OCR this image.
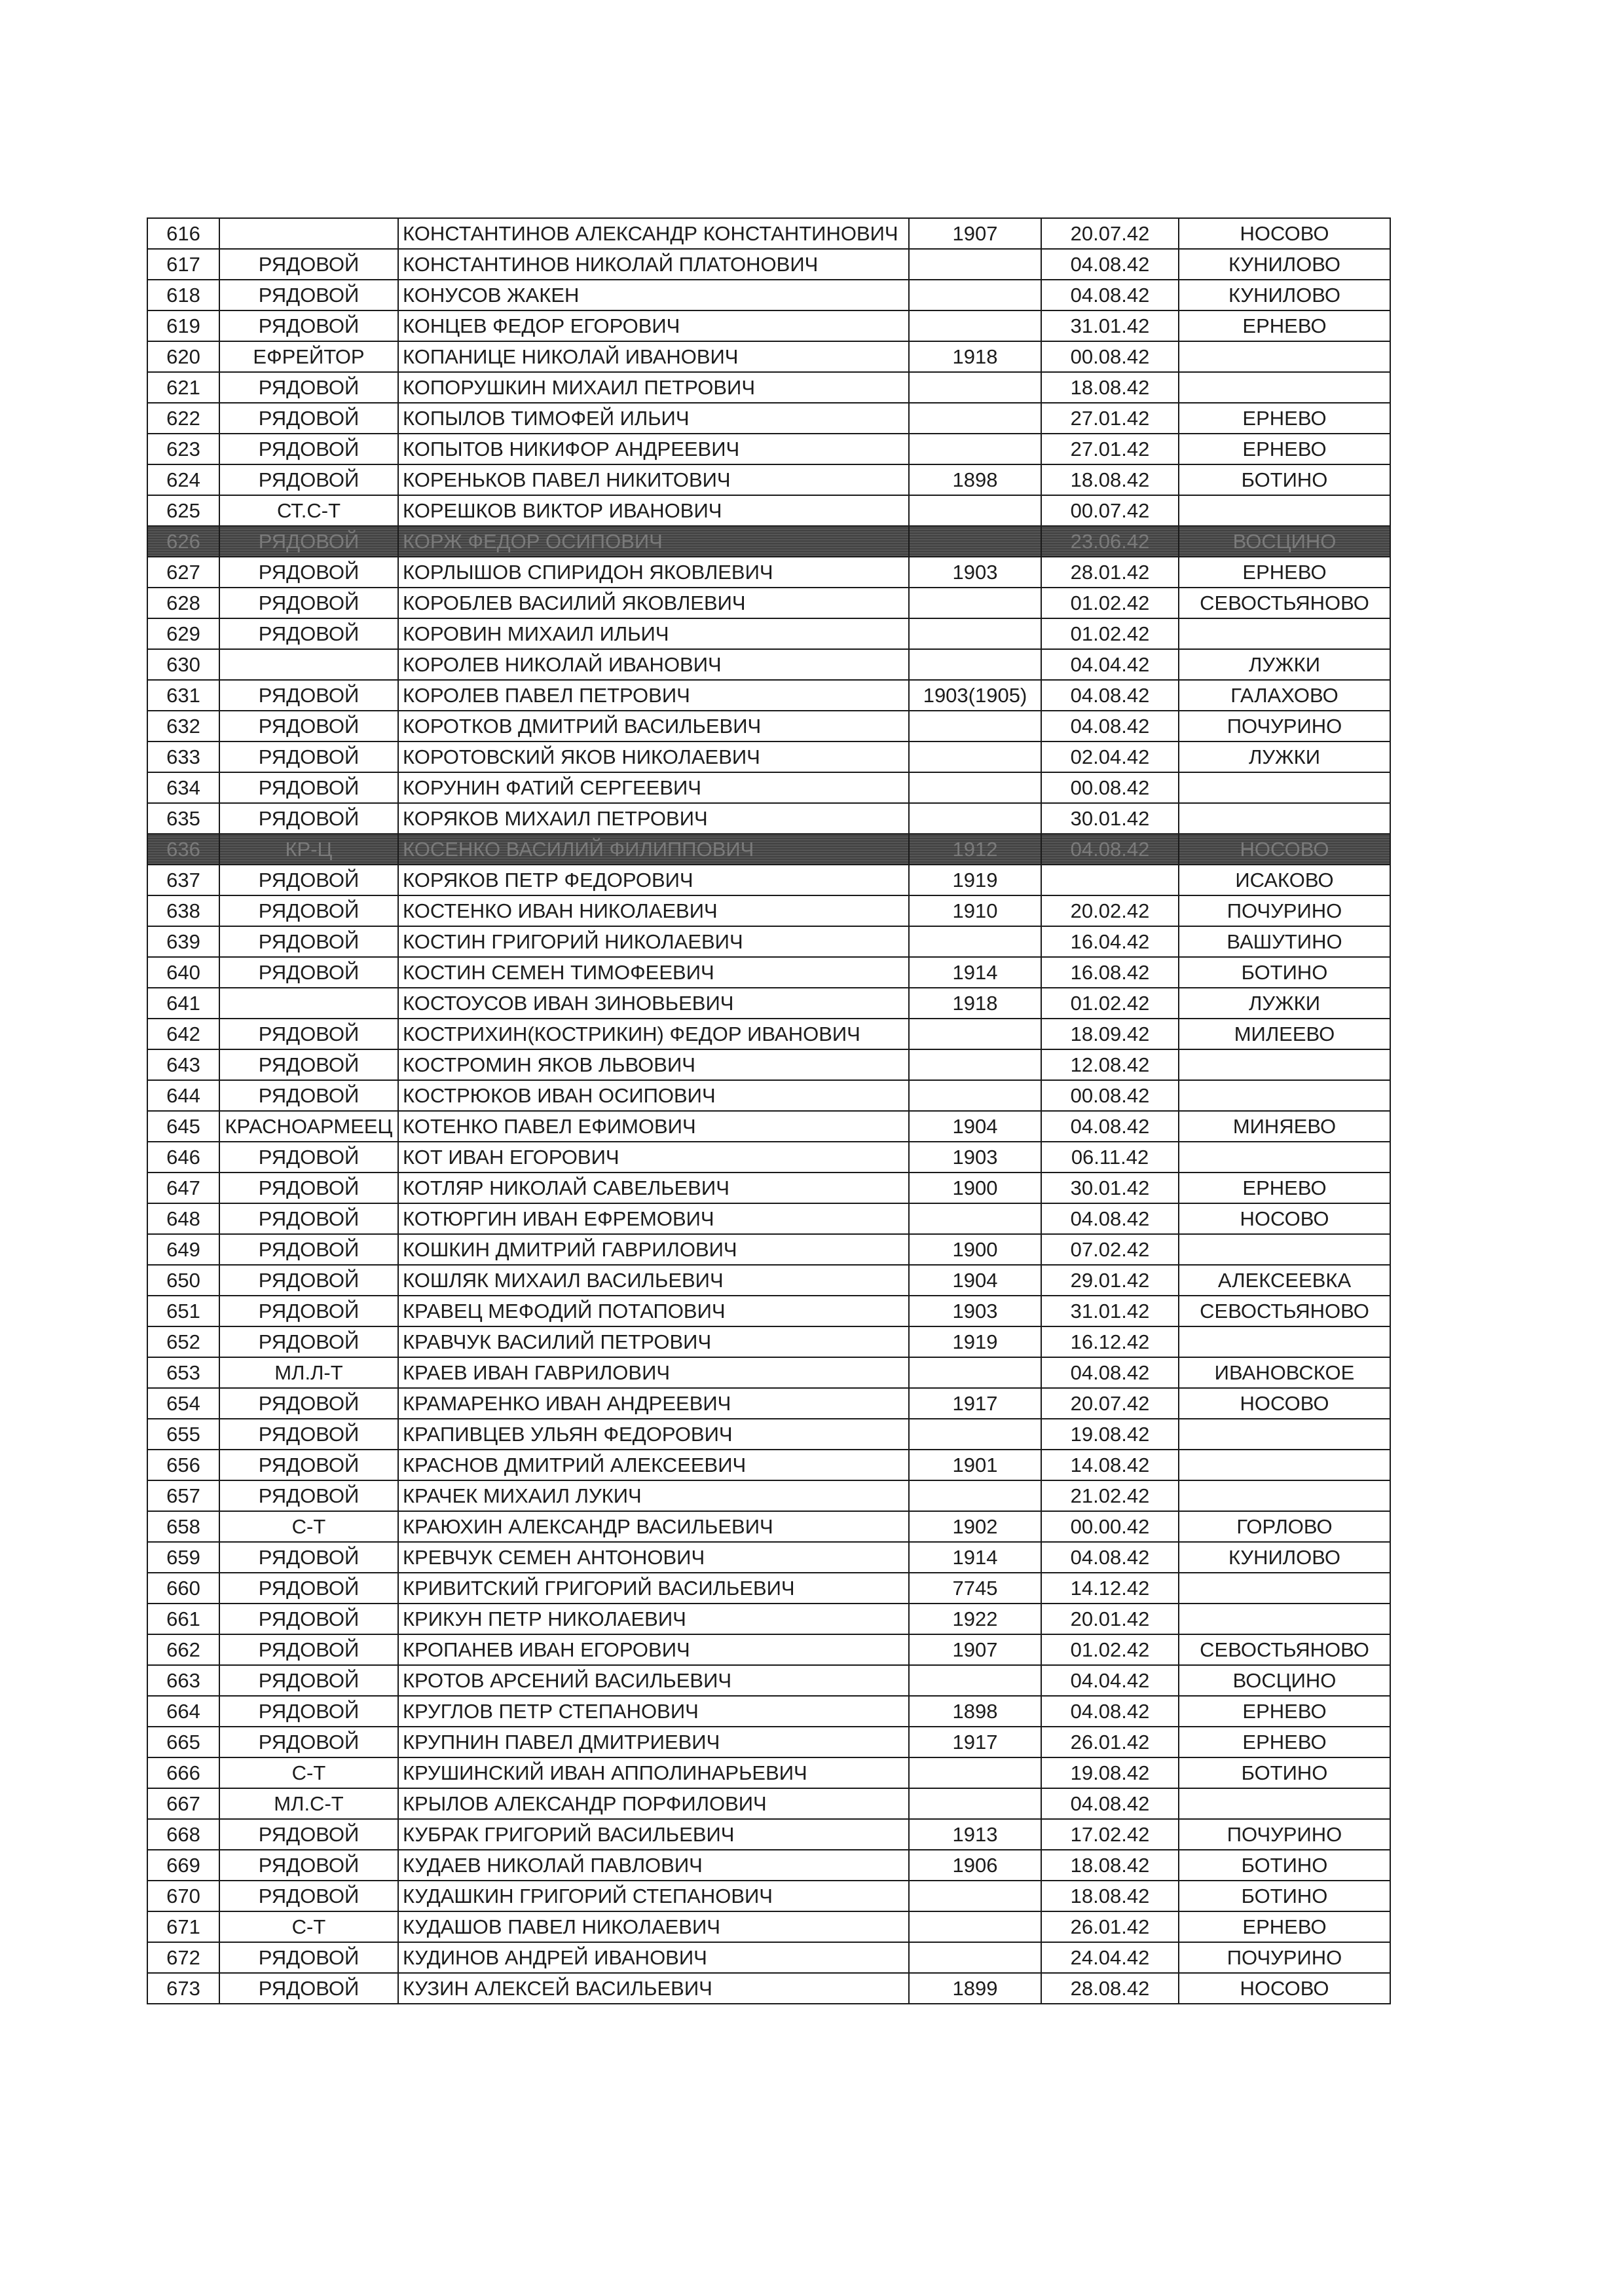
616		КОНСТАНТИНОВ АЛЕКСАНДР КОНСТАНТИНОВИЧ	1907	20.07.42	НОСОВО
617	РЯДОВОЙ	КОНСТАНТИНОВ НИКОЛАЙ ПЛАТОНОВИЧ		04.08.42	КУНИЛОВО
618	РЯДОВОЙ	КОНУСОВ ЖАКЕН		04.08.42	КУНИЛОВО
619	РЯДОВОЙ	КОНЦЕВ ФЕДОР ЕГОРОВИЧ		31.01.42	ЕРНЕВО
620	ЕФРЕЙТОР	КОПАНИЦЕ НИКОЛАЙ ИВАНОВИЧ	1918	00.08.42	
621	РЯДОВОЙ	КОПОРУШКИН МИХАИЛ ПЕТРОВИЧ		18.08.42	
622	РЯДОВОЙ	КОПЫЛОВ ТИМОФЕЙ ИЛЬИЧ		27.01.42	ЕРНЕВО
623	РЯДОВОЙ	КОПЫТОВ НИКИФОР АНДРЕЕВИЧ		27.01.42	ЕРНЕВО
624	РЯДОВОЙ	КОРЕНЬКОВ ПАВЕЛ НИКИТОВИЧ	1898	18.08.42	БОТИНО
625	СТ.С-Т	КОРЕШКОВ ВИКТОР ИВАНОВИЧ		00.07.42	
626	РЯДОВОЙ	КОРЖ ФЕДОР ОСИПОВИЧ		23.06.42	ВОСЦИНО
627	РЯДОВОЙ	КОРЛЫШОВ СПИРИДОН ЯКОВЛЕВИЧ	1903	28.01.42	ЕРНЕВО
628	РЯДОВОЙ	КОРОБЛЕВ ВАСИЛИЙ ЯКОВЛЕВИЧ		01.02.42	СЕВОСТЬЯНОВО
629	РЯДОВОЙ	КОРОВИН МИХАИЛ ИЛЬИЧ		01.02.42	
630		КОРОЛЕВ НИКОЛАЙ ИВАНОВИЧ		04.04.42	ЛУЖКИ
631	РЯДОВОЙ	КОРОЛЕВ ПАВЕЛ ПЕТРОВИЧ	1903(1905)	04.08.42	ГАЛАХОВО
632	РЯДОВОЙ	КОРОТКОВ ДМИТРИЙ ВАСИЛЬЕВИЧ		04.08.42	ПОЧУРИНО
633	РЯДОВОЙ	КОРОТОВСКИЙ ЯКОВ НИКОЛАЕВИЧ		02.04.42	ЛУЖКИ
634	РЯДОВОЙ	КОРУНИН ФАТИЙ СЕРГЕЕВИЧ		00.08.42	
635	РЯДОВОЙ	КОРЯКОВ МИХАИЛ ПЕТРОВИЧ		30.01.42	
636	КР-Ц	КОСЕНКО ВАСИЛИЙ ФИЛИППОВИЧ	1912	04.08.42	НОСОВО
637	РЯДОВОЙ	КОРЯКОВ ПЕТР ФЕДОРОВИЧ	1919		ИСАКОВО
638	РЯДОВОЙ	КОСТЕНКО ИВАН НИКОЛАЕВИЧ	1910	20.02.42	ПОЧУРИНО
639	РЯДОВОЙ	КОСТИН ГРИГОРИЙ НИКОЛАЕВИЧ		16.04.42	ВАШУТИНО
640	РЯДОВОЙ	КОСТИН СЕМЕН ТИМОФЕЕВИЧ	1914	16.08.42	БОТИНО
641		КОСТОУСОВ ИВАН ЗИНОВЬЕВИЧ	1918	01.02.42	ЛУЖКИ
642	РЯДОВОЙ	КОСТРИХИН(КОСТРИКИН) ФЕДОР ИВАНОВИЧ		18.09.42	МИЛЕЕВО
643	РЯДОВОЙ	КОСТРОМИН ЯКОВ ЛЬВОВИЧ		12.08.42	
644	РЯДОВОЙ	КОСТРЮКОВ ИВАН ОСИПОВИЧ		00.08.42	
645	КРАСНОАРМЕЕЦ	КОТЕНКО ПАВЕЛ ЕФИМОВИЧ	1904	04.08.42	МИНЯЕВО
646	РЯДОВОЙ	КОТ ИВАН ЕГОРОВИЧ	1903	06.11.42	
647	РЯДОВОЙ	КОТЛЯР НИКОЛАЙ САВЕЛЬЕВИЧ	1900	30.01.42	ЕРНЕВО
648	РЯДОВОЙ	КОТЮРГИН ИВАН ЕФРЕМОВИЧ		04.08.42	НОСОВО
649	РЯДОВОЙ	КОШКИН ДМИТРИЙ ГАВРИЛОВИЧ	1900	07.02.42	
650	РЯДОВОЙ	КОШЛЯК МИХАИЛ ВАСИЛЬЕВИЧ	1904	29.01.42	АЛЕКСЕЕВКА
651	РЯДОВОЙ	КРАВЕЦ МЕФОДИЙ ПОТАПОВИЧ	1903	31.01.42	СЕВОСТЬЯНОВО
652	РЯДОВОЙ	КРАВЧУК ВАСИЛИЙ ПЕТРОВИЧ	1919	16.12.42	
653	МЛ.Л-Т	КРАЕВ ИВАН ГАВРИЛОВИЧ		04.08.42	ИВАНОВСКОЕ
654	РЯДОВОЙ	КРАМАРЕНКО ИВАН АНДРЕЕВИЧ	1917	20.07.42	НОСОВО
655	РЯДОВОЙ	КРАПИВЦЕВ УЛЬЯН ФЕДОРОВИЧ		19.08.42	
656	РЯДОВОЙ	КРАСНОВ ДМИТРИЙ АЛЕКСЕЕВИЧ	1901	14.08.42	
657	РЯДОВОЙ	КРАЧЕК МИХАИЛ ЛУКИЧ		21.02.42	
658	С-Т	КРАЮХИН АЛЕКСАНДР ВАСИЛЬЕВИЧ	1902	00.00.42	ГОРЛОВО
659	РЯДОВОЙ	КРЕВЧУК СЕМЕН АНТОНОВИЧ	1914	04.08.42	КУНИЛОВО
660	РЯДОВОЙ	КРИВИТСКИЙ ГРИГОРИЙ ВАСИЛЬЕВИЧ	7745	14.12.42	
661	РЯДОВОЙ	КРИКУН ПЕТР НИКОЛАЕВИЧ	1922	20.01.42	
662	РЯДОВОЙ	КРОПАНЕВ ИВАН ЕГОРОВИЧ	1907	01.02.42	СЕВОСТЬЯНОВО
663	РЯДОВОЙ	КРОТОВ АРСЕНИЙ ВАСИЛЬЕВИЧ		04.04.42	ВОСЦИНО
664	РЯДОВОЙ	КРУГЛОВ ПЕТР СТЕПАНОВИЧ	1898	04.08.42	ЕРНЕВО
665	РЯДОВОЙ	КРУПНИН ПАВЕЛ ДМИТРИЕВИЧ	1917	26.01.42	ЕРНЕВО
666	С-Т	КРУШИНСКИЙ ИВАН АППОЛИНАРЬЕВИЧ		19.08.42	БОТИНО
667	МЛ.С-Т	КРЫЛОВ АЛЕКСАНДР ПОРФИЛОВИЧ		04.08.42	
668	РЯДОВОЙ	КУБРАК ГРИГОРИЙ ВАСИЛЬЕВИЧ	1913	17.02.42	ПОЧУРИНО
669	РЯДОВОЙ	КУДАЕВ НИКОЛАЙ ПАВЛОВИЧ	1906	18.08.42	БОТИНО
670	РЯДОВОЙ	КУДАШКИН ГРИГОРИЙ СТЕПАНОВИЧ		18.08.42	БОТИНО
671	С-Т	КУДАШОВ ПАВЕЛ НИКОЛАЕВИЧ		26.01.42	ЕРНЕВО
672	РЯДОВОЙ	КУДИНОВ АНДРЕЙ ИВАНОВИЧ		24.04.42	ПОЧУРИНО
673	РЯДОВОЙ	КУЗИН АЛЕКСЕЙ ВАСИЛЬЕВИЧ	1899	28.08.42	НОСОВО
